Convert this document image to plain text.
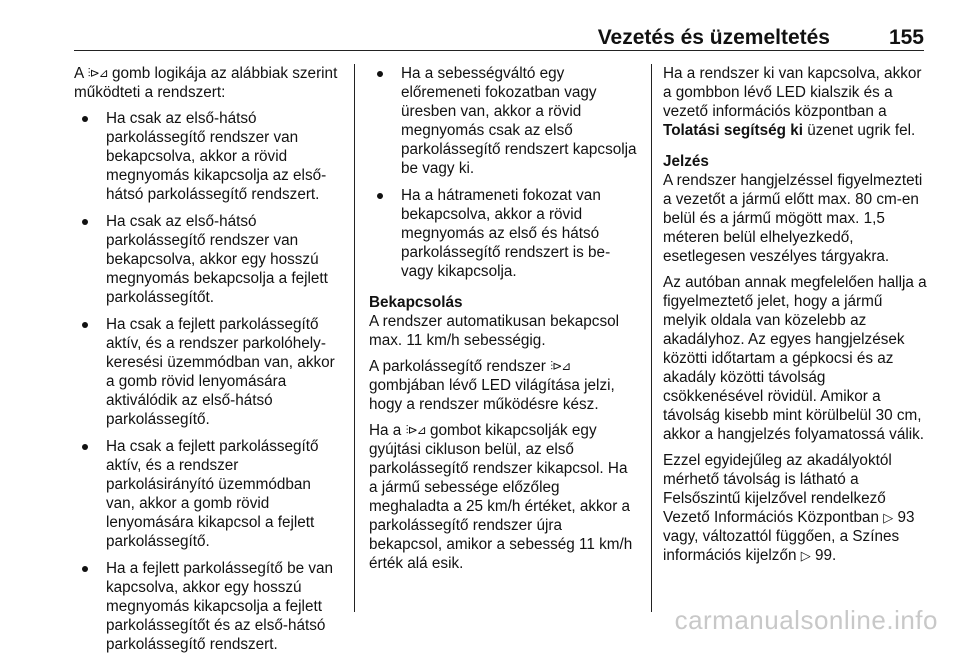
Vezetés és üzemeltetés	155

A ⫶⊳⊿ gomb logikája az alábbiak szerint működteti a rendszert:

Ha csak az első-hátsó parkolássegítő rendszer van bekapcsolva, akkor a rövid megnyomás kikapcsolja az első-hátsó parkolássegítő rendszert.
Ha csak az első-hátsó parkolássegítő rendszer van bekapcsolva, akkor egy hosszú megnyomás bekapcsolja a fejlett parkolássegítőt.
Ha csak a fejlett parkolássegítő aktív, és a rendszer parkolóhely-keresési üzemmódban van, akkor a gomb rövid lenyomására aktiválódik az első-hátsó parkolássegítő.
Ha csak a fejlett parkolássegítő aktív, és a rendszer parkolásirányító üzemmódban van, akkor a gomb rövid lenyomására kikapcsol a fejlett parkolássegítő.
Ha a fejlett parkolássegítő be van kapcsolva, akkor egy hosszú megnyomás kikapcsolja a fejlett parkolássegítőt és az első-hátsó parkolássegítő rendszert.
Ha a sebességváltó egy előremeneti fokozatban vagy üresben van, akkor a rövid megnyomás csak az első parkolássegítő rendszert kapcsolja be vagy ki.
Ha a hátrameneti fokozat van bekapcsolva, akkor a rövid megnyomás az első és hátsó parkolássegítő rendszert is be-vagy kikapcsolja.

Bekapcsolás

A rendszer automatikusan bekapcsol max. 11 km/h sebességig.

A parkolássegítő rendszer ⫶⊳⊿ gombjában lévő LED világítása jelzi, hogy a rendszer működésre kész.

Ha a ⫶⊳⊿ gombot kikapcsolják egy gyújtási cikluson belül, az első parkolássegítő rendszer kikapcsol. Ha a jármű sebessége előzőleg meghaladta a 25 km/h értéket, akkor a parkolássegítő rendszer újra bekapcsol, amikor a sebesség 11 km/h érték alá esik.

Ha a rendszer ki van kapcsolva, akkor a gombbon lévő LED kialszik és a vezető információs központban a Tolatási segítség ki üzenet ugrik fel.

Jelzés

A rendszer hangjelzéssel figyelmezteti a vezetőt a jármű előtt max. 80 cm-en belül és a jármű mögött max. 1,5 méteren belül elhelyezkedő, esetlegesen veszélyes tárgyakra.

Az autóban annak megfelelően hallja a figyelmeztető jelet, hogy a jármű melyik oldala van közelebb az akadályhoz. Az egyes hangjelzések közötti időtartam a gépkocsi és az akadály közötti távolság csökkenésével rövidül. Amikor a távolság kisebb mint körülbelül 30 cm, akkor a hangjelzés folyamatossá válik.

Ezzel egyidejűleg az akadályoktól mérhető távolság is látható a Felsőszintű kijelzővel rendelkező Vezető Információs Központban ▷ 93 vagy, változattól függően, a Színes információs kijelzőn ▷ 99.

carmanualsonline.info
